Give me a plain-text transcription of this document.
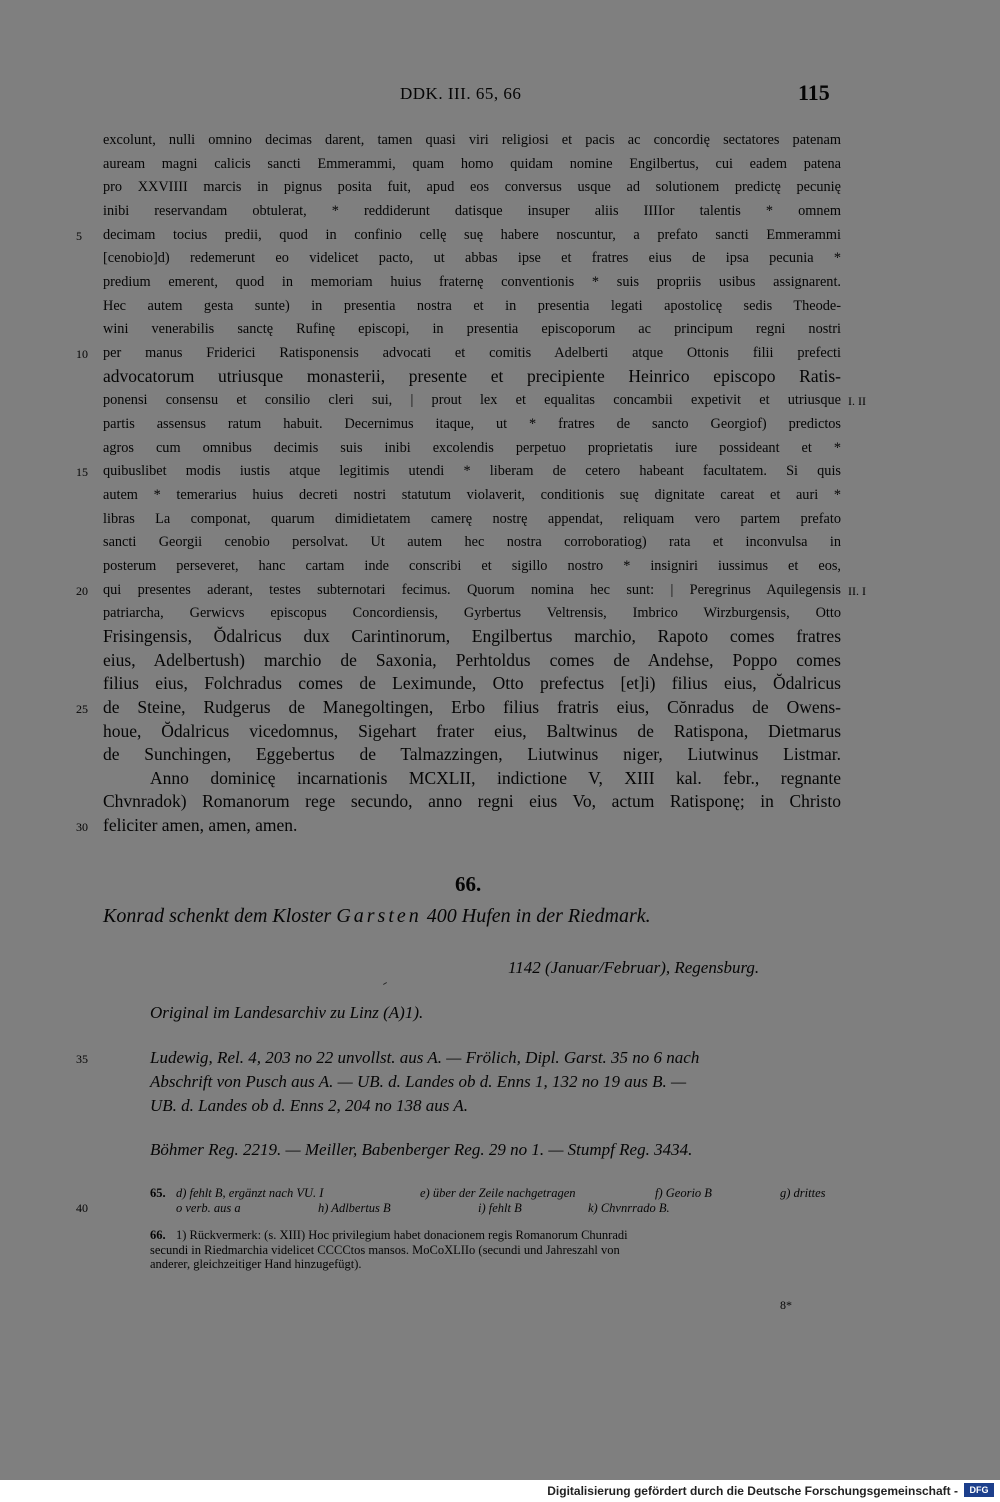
DDK. III. 65, 66	115
excolunt, nulli omnino decimas darent, tamen quasi viri religiosi et pacis ac concordię sectatores patenam
auream magni calicis sancti Emmerammi, quam homo quidam nomine Engilbertus, cui eadem patena
pro XXVIIII marcis in pignus posita fuit, apud eos conversus usque ad solutionem predictę pecunię
inibi reservandam obtulerat, * reddiderunt datisque insuper aliis IIIIor talentis * omnem
decimam tocius predii, quod in confinio cellę suę habere noscuntur, a prefato sancti Emmerammi
5
[cenobio]d) redemerunt eo videlicet pacto, ut abbas ipse et fratres eius de ipsa pecunia *
predium emerent, quod in memoriam huius fraternę conventionis * suis propriis usibus assignarent.
Hec autem gesta sunte) in presentia nostra et in presentia legati apostolicę sedis Theode-
wini venerabilis sanctę Rufinę episcopi, in presentia episcoporum ac principum regni nostri
per manus Friderici Ratisponensis advocati et comitis Adelberti atque Ottonis filii prefecti
10
advocatorum utriusque monasterii, presente et precipiente Heinrico episcopo Ratis-
ponensi consensu et consilio cleri sui, | prout lex et equalitas concambii expetivit et utriusque
partis assensus ratum habuit. Decernimus itaque, ut * fratres de sancto Georgiof) predictos
agros cum omnibus decimis suis inibi excolendis perpetuo proprietatis iure possideant et *
quibuslibet modis iustis atque legitimis utendi * liberam de cetero habeant facultatem. Si quis
15
autem * temerarius huius decreti nostri statutum violaverit, conditionis suę dignitate careat et auri *
libras La componat, quarum dimidietatem camerę nostrę appendat, reliquam vero partem prefato
sancti Georgii cenobio persolvat. Ut autem hec nostra corroboratiog) rata et inconvulsa in
posterum perseveret, hanc cartam inde conscribi et sigillo nostro * insigniri iussimus et eos,
qui presentes aderant, testes subternotari fecimus. Quorum nomina hec sunt: | Peregrinus Aquilegensis
20
patriarcha, Gerwicvs episcopus Concordiensis, Gyrbertus Veltrensis, Imbrico Wirzburgensis, Otto
Frisingensis, Ŏdalricus dux Carintinorum, Engilbertus marchio, Rapoto comes fratres
eius, Adelbertush) marchio de Saxonia, Perhtoldus comes de Andehse, Poppo comes
filius eius, Folchradus comes de Leximunde, Otto prefectus [et]i) filius eius, Ŏdalricus
de Steine, Rudgerus de Manegoltingen, Erbo filius fratris eius, Cŏnradus de Owens-
25
houe, Ŏdalricus vicedomnus, Sigehart frater eius, Baltwinus de Ratispona, Dietmarus
de Sunchingen, Eggebertus de Talmazzingen, Liutwinus niger, Liutwinus Listmar.
Anno dominicę incarnationis MCXLII, indictione V, XIII kal. febr., regnante
Chvnradok) Romanorum rege secundo, anno regni eius Vo, actum Ratisponę; in Christo
feliciter amen, amen, amen.
30
I. II
II. I
66.
Konrad schenkt dem Kloster Garsten 400 Hufen in der Riedmark.
1142 (Januar/Februar), Regensburg.
Original im Landesarchiv zu Linz (A)1).
Ludewig, Rel. 4, 203 no 22 unvollst. aus A. — Frölich, Dipl. Garst. 35 no 6 nach
35
Abschrift von Pusch aus A. — UB. d. Landes ob d. Enns 1, 132 no 19 aus B. —
UB. d. Landes ob d. Enns 2, 204 no 138 aus A.
Böhmer Reg. 2219. — Meiller, Babenberger Reg. 29 no 1. — Stumpf Reg. 3434.
65. d) fehlt B, ergänzt nach VU. I	e) über der Zeile nachgetragen	f) Georio B	g) drittes
o verb. aus a	h) Adlbertus B	i) fehlt B	k) Chvnrrado B.
40
66. 1) Rückvermerk: (s. XIII) Hoc privilegium habet donacionem regis Romanorum Chunradi
secundi in Riedmarchia videlicet CCCCtos mansos. MoCoXLIIo (secundi und Jahreszahl von
anderer, gleichzeitiger Hand hinzugefügt).
8*
Digitalisierung gefördert durch die Deutsche Forschungsgemeinschaft -	DFG
